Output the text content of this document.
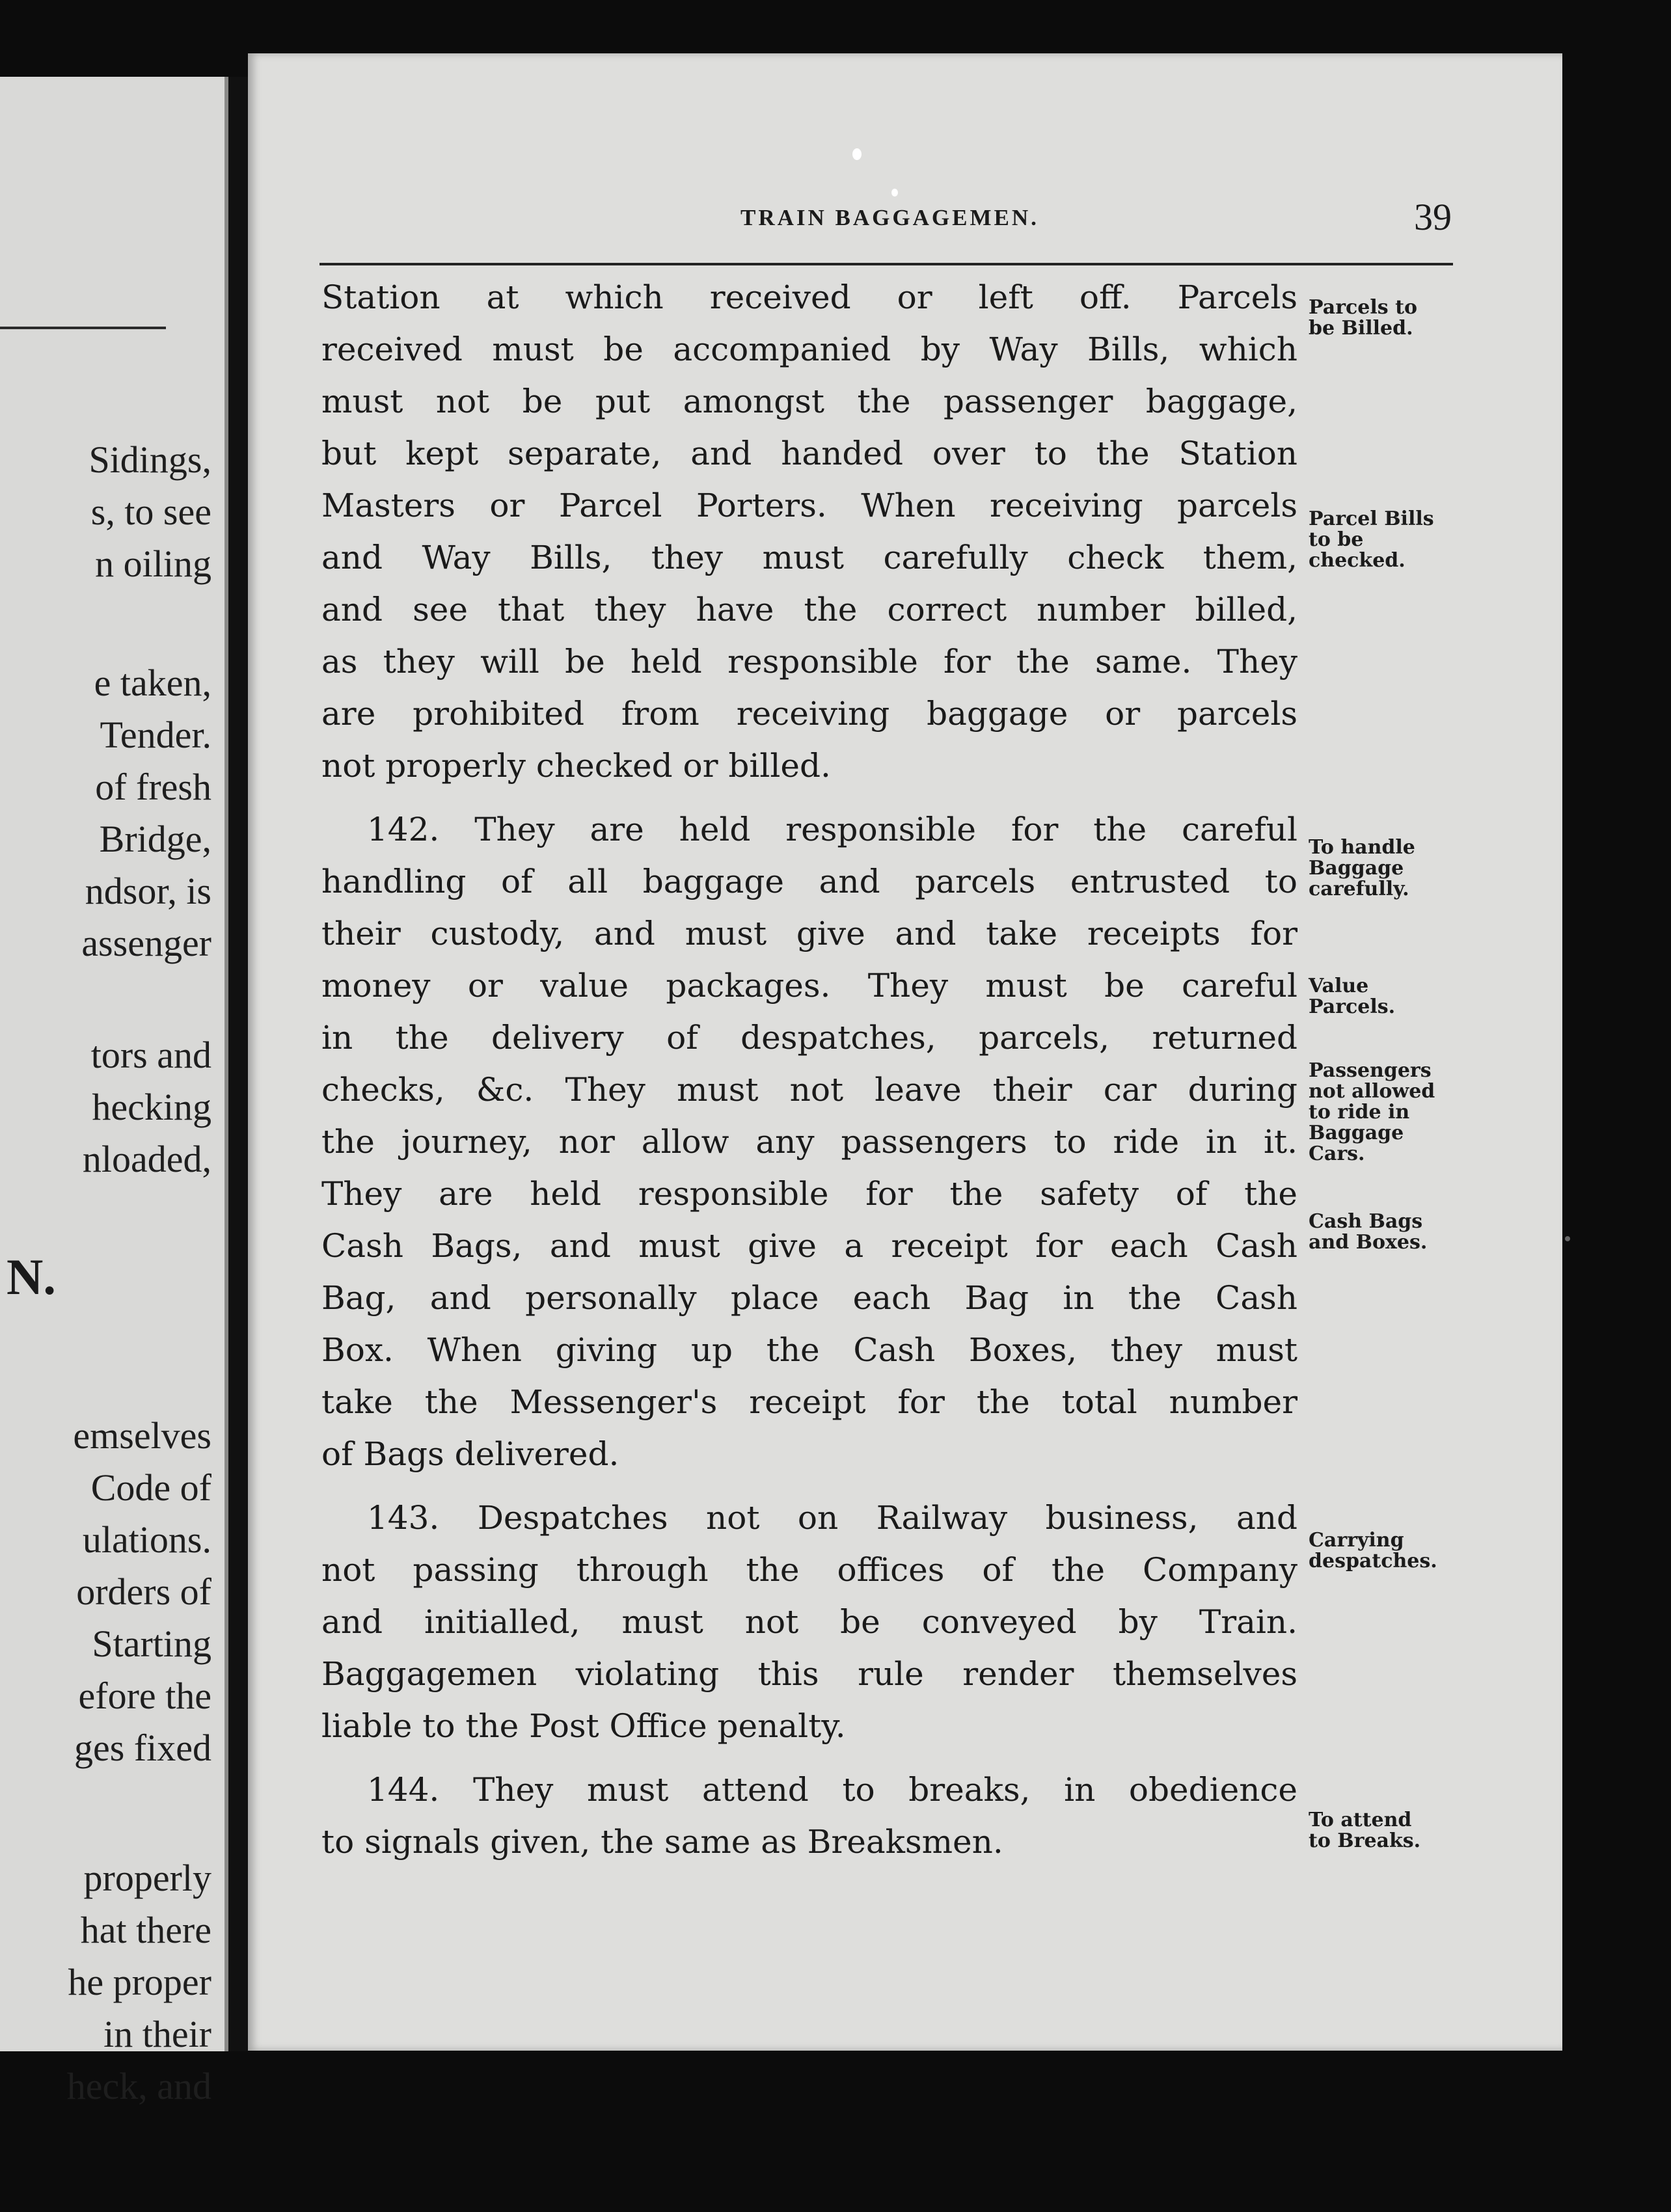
Sidings,
s, to see
n oiling
e taken,
Tender.
of fresh
Bridge,
ndsor, is
assenger
tors and
hecking
nloaded,
N.
emselves
Code of
ulations.
orders of
Starting
efore the
ges fixed
properly
hat there
he proper
in their
heck, and
TRAIN BAGGAGEMEN.	39
Station at which received or left off. Parcels
received must be accompanied by Way Bills, which
must not be put amongst the passenger baggage,
but kept separate, and handed over to the Station
Masters or Parcel Porters. When receiving parcels
and Way Bills, they must carefully check them,
and see that they have the correct number billed,
as they will be held responsible for the same. They
are prohibited from receiving baggage or parcels
not properly checked or billed.
142. They are held responsible for the careful
handling of all baggage and parcels entrusted to
their custody, and must give and take receipts for
money or value packages. They must be careful
in the delivery of despatches, parcels, returned
checks, &c. They must not leave their car during
the journey, nor allow any passengers to ride in it.
They are held responsible for the safety of the
Cash Bags, and must give a receipt for each Cash
Bag, and personally place each Bag in the Cash
Box. When giving up the Cash Boxes, they must
take the Messenger's receipt for the total number
of Bags delivered.
143. Despatches not on Railway business, and
not passing through the offices of the Company
and initialled, must not be conveyed by Train.
Baggagemen violating this rule render themselves
liable to the Post Office penalty.
144. They must attend to breaks, in obedience
to signals given, the same as Breaksmen.
Parcels to
be Billed.
Parcel Bills
to be
checked.
To handle
Baggage
carefully.
Value
Parcels.
Passengers
not allowed
to ride in
Baggage
Cars.
Cash Bags
and Boxes.
Carrying
despatches.
To attend
to Breaks.
